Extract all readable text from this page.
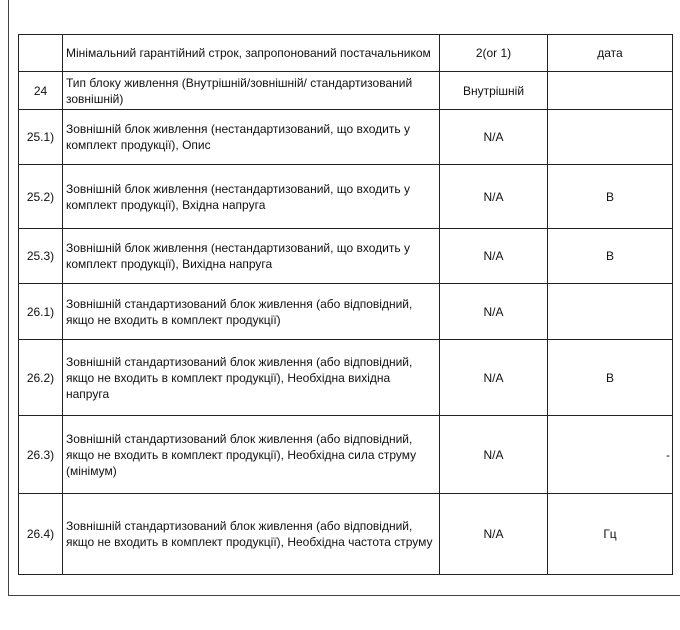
	Мінімальний гарантійний строк, запропонований постачальником	2(or 1)	дата
24	Тип блоку живлення (Внутрішній/зовнішній/ стандартизований зовнішній)	Внутрішній	
25.1)	Зовнішній блок живлення (нестандартизований, що входить у комплект продукції), Опис	N/A	
25.2)	Зовнішній блок живлення (нестандартизований, що входить у комплект продукції), Вхідна напруга	N/A	В
25.3)	Зовнішній блок живлення (нестандартизований, що входить у комплект продукції), Вихідна напруга	N/A	В
26.1)	Зовнішній стандартизований блок живлення (або відповідний, якщо не входить в комплект продукції)	N/A	
26.2)	Зовнішній стандартизований блок живлення (або відповідний, якщо не входить в комплект продукції), Необхідна вихідна напруга	N/A	В
26.3)	Зовнішній стандартизований блок живлення (або відповідний, якщо не входить в комплект продукції), Необхідна сила струму (мінімум)	N/A	-

26.4)	Зовнішній стандартизований блок живлення (або відповідний, якщо не входить в комплект продукції), Необхідна частота струму	N/A	Гц
